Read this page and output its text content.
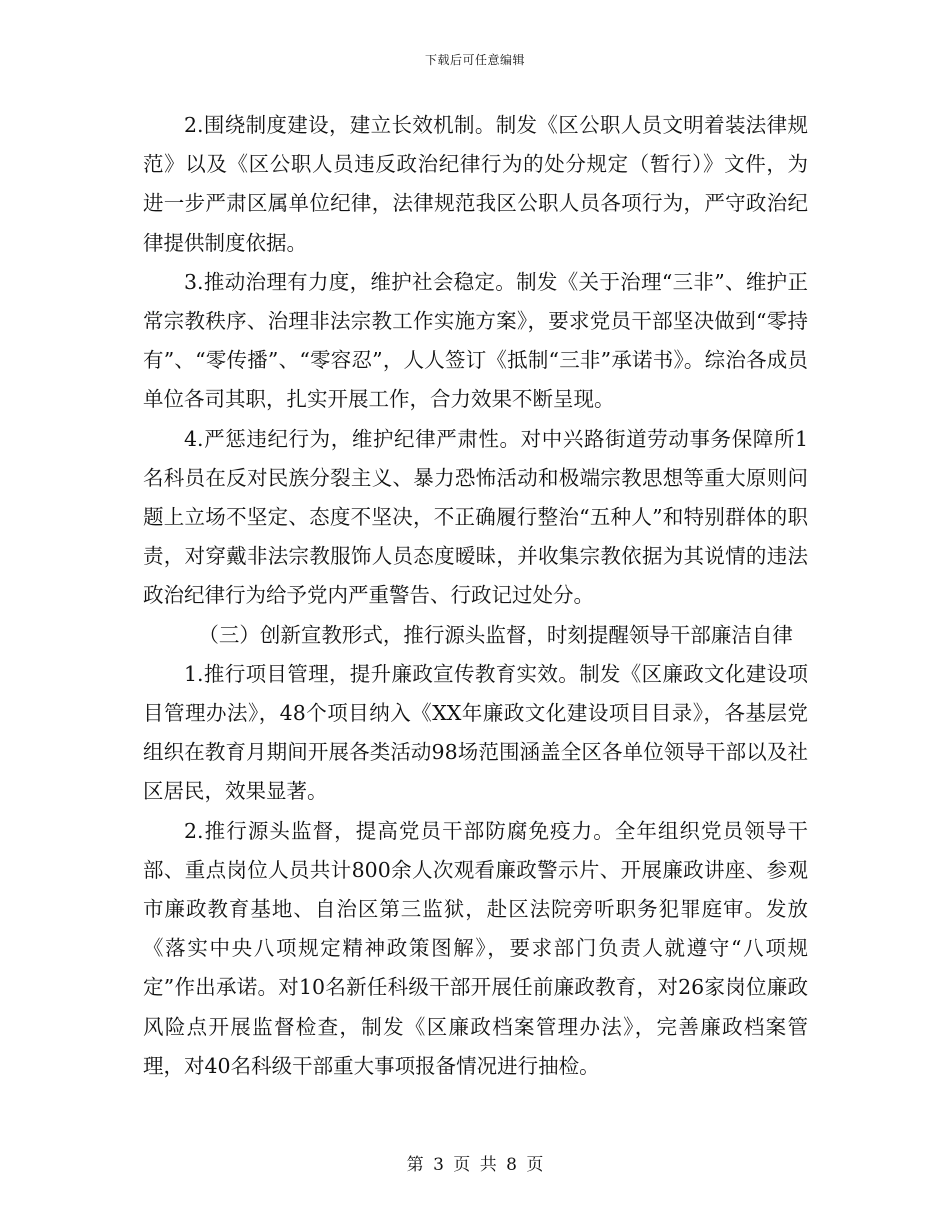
下载后可任意编辑

2.围绕制度建设，建立长效机制。制发《区公职人员文明着装法律规范》以及《区公职人员违反政治纪律行为的处分规定（暂行）》文件，为进一步严肃区属单位纪律，法律规范我区公职人员各项行为，严守政治纪律提供制度依据。

3.推动治理有力度，维护社会稳定。制发《关于治理“三非”、维护正常宗教秩序、治理非法宗教工作实施方案》，要求党员干部坚决做到“零持有”、“零传播”、“零容忍”，人人签订《抵制“三非”承诺书》。综治各成员单位各司其职，扎实开展工作，合力效果不断呈现。

4.严惩违纪行为，维护纪律严肃性。对中兴路街道劳动事务保障所1名科员在反对民族分裂主义、暴力恐怖活动和极端宗教思想等重大原则问题上立场不坚定、态度不坚决，不正确履行整治“五种人”和特别群体的职责，对穿戴非法宗教服饰人员态度暧昧，并收集宗教依据为其说情的违法政治纪律行为给予党内严重警告、行政记过处分。

（三）创新宣教形式，推行源头监督，时刻提醒领导干部廉洁自律

1.推行项目管理，提升廉政宣传教育实效。制发《区廉政文化建设项目管理办法》，48个项目纳入《XX年廉政文化建设项目目录》，各基层党组织在教育月期间开展各类活动98场范围涵盖全区各单位领导干部以及社区居民，效果显著。

2.推行源头监督，提高党员干部防腐免疫力。全年组织党员领导干部、重点岗位人员共计800余人次观看廉政警示片、开展廉政讲座、参观市廉政教育基地、自治区第三监狱，赴区法院旁听职务犯罪庭审。发放《落实中央八项规定精神政策图解》，要求部门负责人就遵守“八项规定”作出承诺。对10名新任科级干部开展任前廉政教育，对26家岗位廉政风险点开展监督检查，制发《区廉政档案管理办法》，完善廉政档案管理，对40名科级干部重大事项报备情况进行抽检。

第 3 页 共 8 页
